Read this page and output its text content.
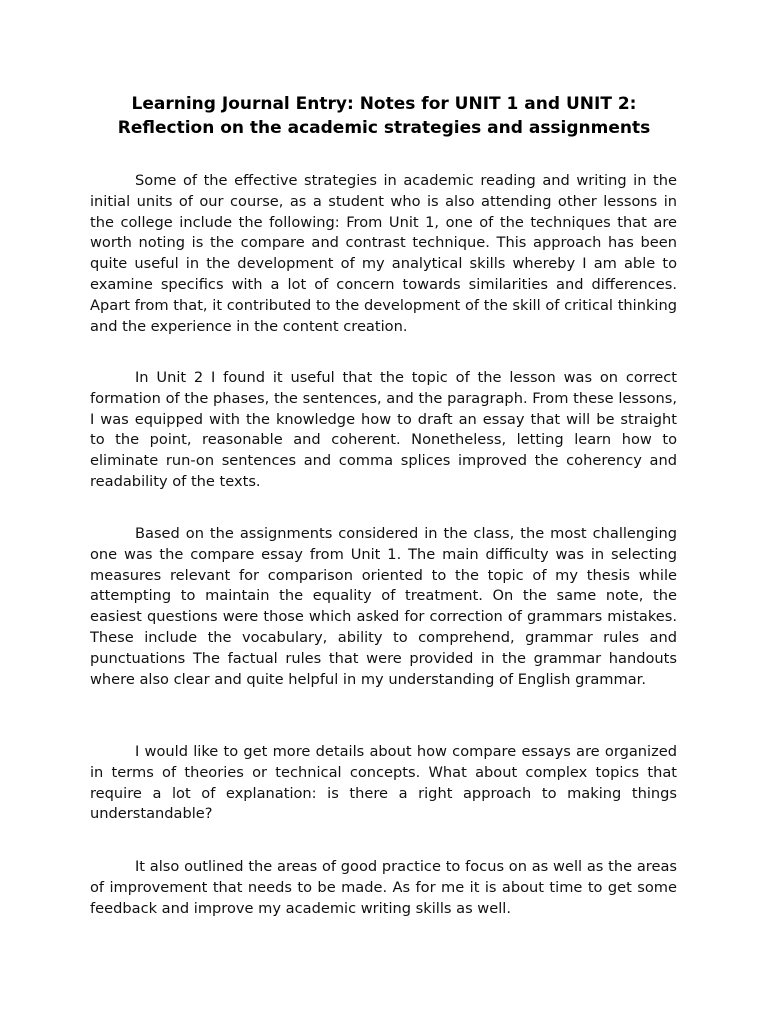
Learning Journal Entry: Notes for UNIT 1 and UNIT 2:
Reflection on the academic strategies and assignments

Some of the effective strategies in academic reading and writing in the initial units of our course, as a student who is also attending other lessons in the college include the following: From Unit 1, one of the techniques that are worth noting is the compare and contrast technique. This approach has been quite useful in the development of my analytical skills whereby I am able to examine specifics with a lot of concern towards similarities and differences. Apart from that, it contributed to the development of the skill of critical thinking and the experience in the content creation.

In Unit 2 I found it useful that the topic of the lesson was on correct formation of the phases, the sentences, and the paragraph. From these lessons, I was equipped with the knowledge how to draft an essay that will be straight to the point, reasonable and coherent. Nonetheless, letting learn how to eliminate run-on sentences and comma splices improved the coherency and readability of the texts.

Based on the assignments considered in the class, the most challenging one was the compare essay from Unit 1. The main difficulty was in selecting measures relevant for comparison oriented to the topic of my thesis while attempting to maintain the equality of treatment. On the same note, the easiest questions were those which asked for correction of grammars mistakes. These include the vocabulary, ability to comprehend, grammar rules and punctuations The factual rules that were provided in the grammar handouts where also clear and quite helpful in my understanding of English grammar.

I would like to get more details about how compare essays are organized in terms of theories or technical concepts. What about complex topics that require a lot of explanation: is there a right approach to making things understandable?

It also outlined the areas of good practice to focus on as well as the areas of improvement that needs to be made. As for me it is about time to get some feedback and improve my academic writing skills as well.
